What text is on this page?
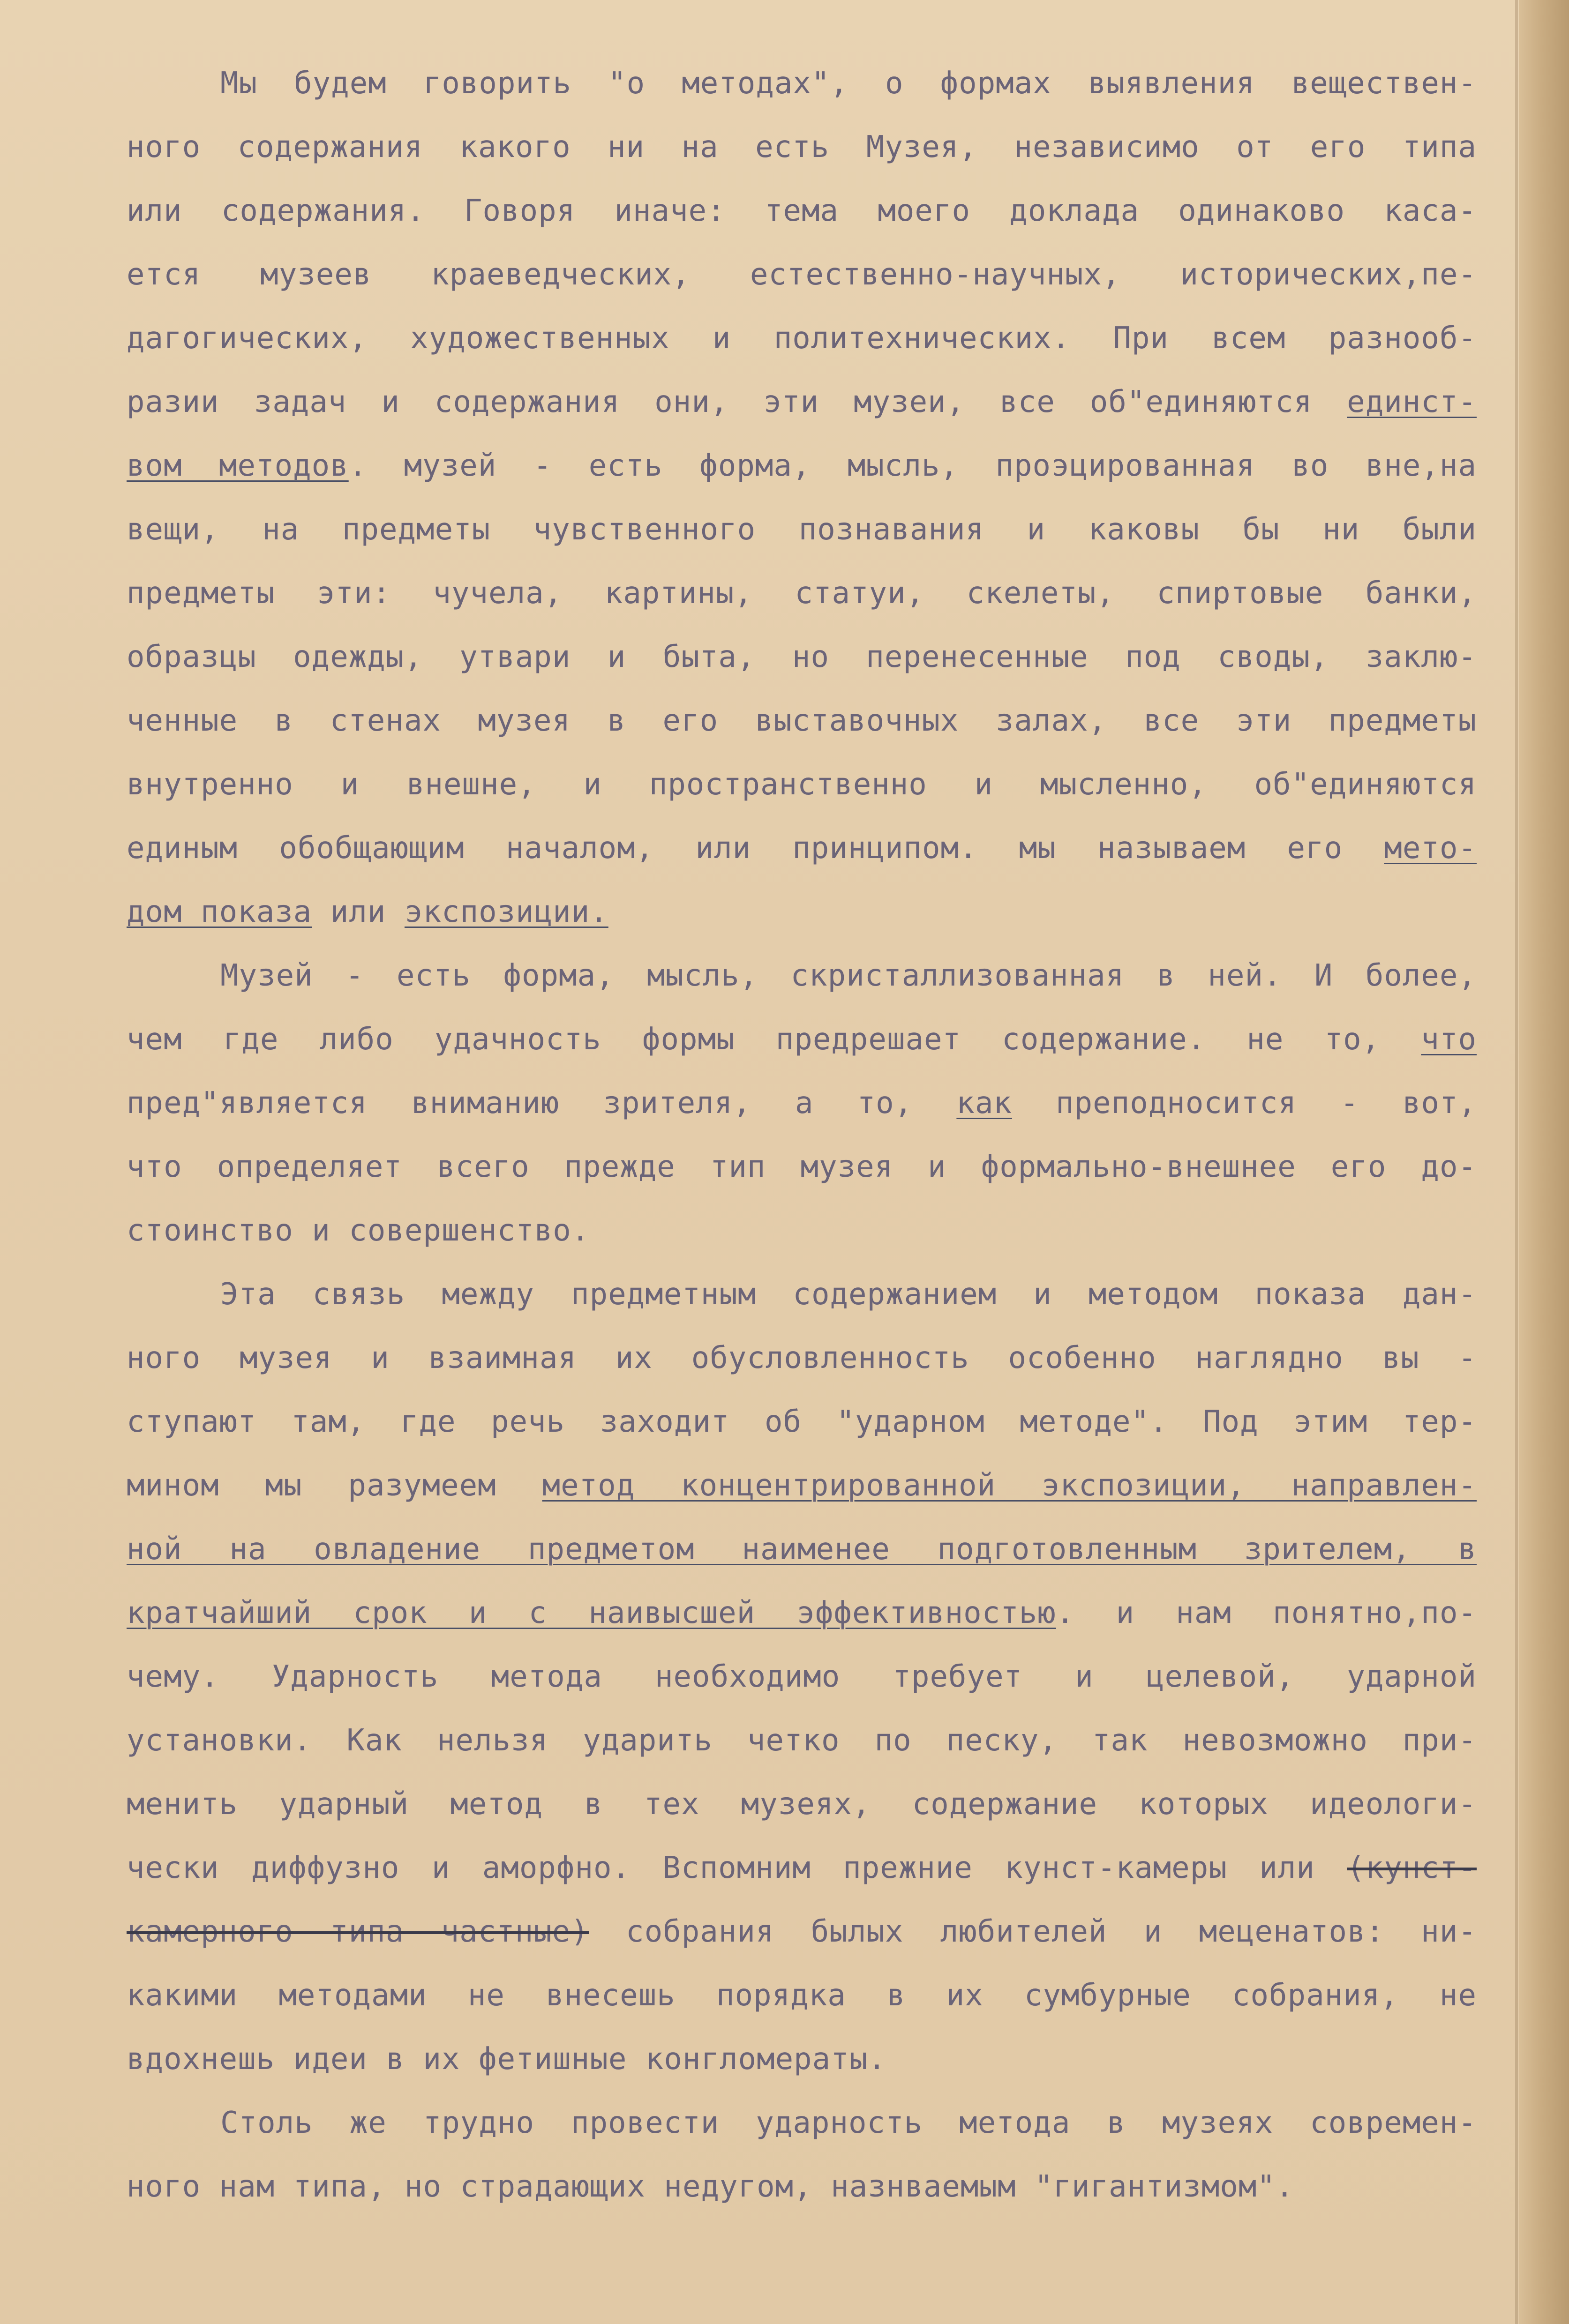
Мы будем говорить "о методах", о формах выявления веществен-
ного содержания какого ни на есть Музея, независимо от его типа
или содержания. Говоря иначе: тема моего доклада одинаково каса-
ется музеев краеведческих, естественно-научных, исторических,пе-
дагогических, художественных и политехнических. При всем разнооб-
разии задач и содержания они, эти музеи, все об"единяются единст-
вом методов. музей - есть форма, мысль, проэцированная во вне,на
вещи, на предметы чувственного познавания и каковы бы ни были
предметы эти: чучела, картины, статуи, скелеты, спиртовые банки,
образцы одежды, утвари и быта, но перенесенные под своды, заклю-
ченные в стенах музея в его выставочных залах, все эти предметы
внутренно и внешне, и пространственно и мысленно, об"единяются
единым обобщающим началом, или принципом. мы называем его мето-
дом показа или экспозиции.
Музей - есть форма, мысль, скристаллизованная в ней. И более,
чем где либо удачность формы предрешает содержание. не то, что
пред"является вниманию зрителя, а то, как преподносится - вот,
что определяет всего прежде тип музея и формально-внешнее его до-
стоинство и совершенство.
Эта связь между предметным содержанием и методом показа дан-
ного музея и взаимная их обусловленность особенно наглядно вы -
ступают там, где речь заходит об "ударном методе". Под этим тер-
мином мы разумеем метод концентрированной экспозиции, направлен-
ной на овладение предметом наименее подготовленным зрителем, в
кратчайший срок и с наивысшей эффективностью. и нам понятно,по-
чему. Ударность метода необходимо требует и целевой, ударной
установки. Как нельзя ударить четко по песку, так невозможно при-
менить ударный метод в тех музеях, содержание которых идеологи-
чески диффузно и аморфно. Вспомним прежние кунст-камеры или (кунст-
камерного типа частные) собрания былых любителей и меценатов: ни-
какими методами не внесешь порядка в их сумбурные собрания, не
вдохнешь идеи в их фетишные конгломераты.
Столь же трудно провести ударность метода в музеях современ-
ного нам типа, но страдающих недугом, назнваемым "гигантизмом".
